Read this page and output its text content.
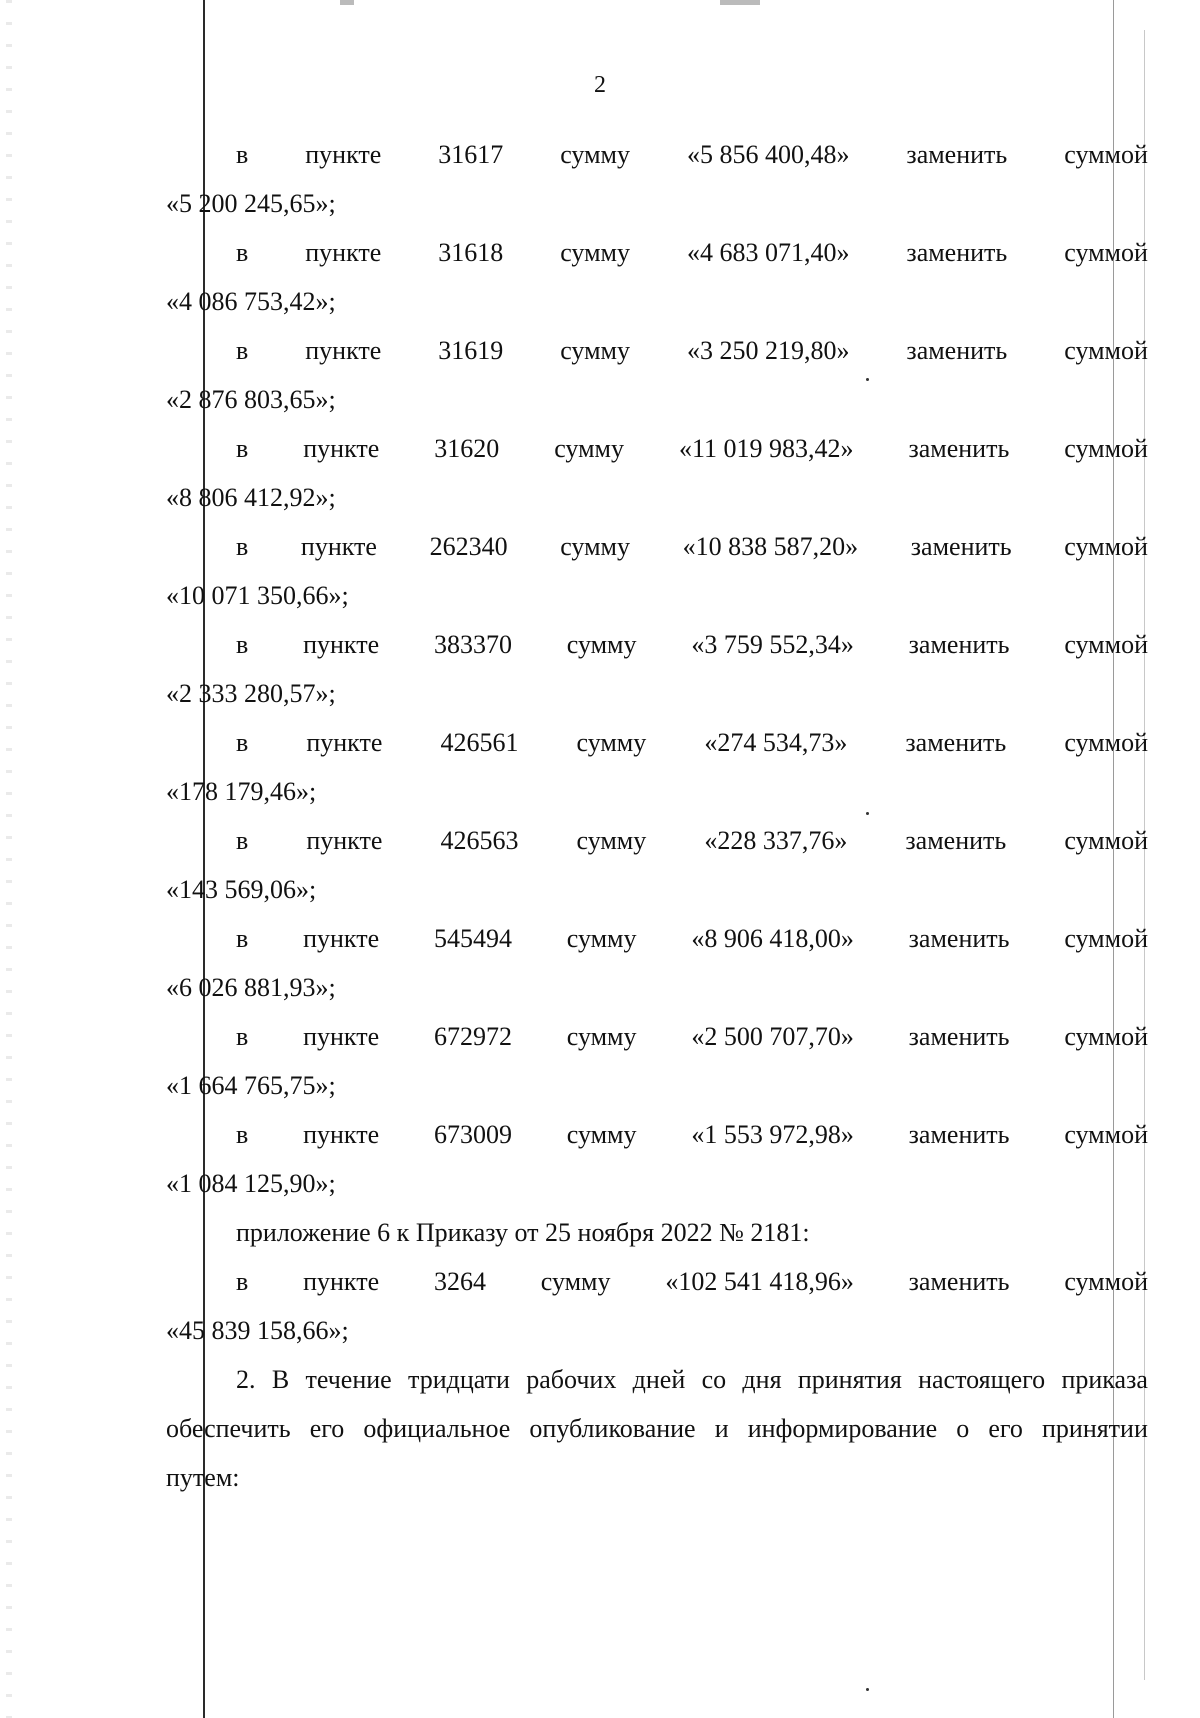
2
в пункте 31617 сумму «5 856 400,48» заменить суммой
«5 200 245,65»;
в пункте 31618 сумму «4 683 071,40» заменить суммой
«4 086 753,42»;
в пункте 31619 сумму «3 250 219,80» заменить суммой
«2 876 803,65»;
в пункте 31620 сумму «11 019 983,42» заменить суммой
«8 806 412,92»;
в пункте 262340 сумму «10 838 587,20» заменить суммой
«10 071 350,66»;
в пункте 383370 сумму «3 759 552,34» заменить суммой
«2 333 280,57»;
в пункте 426561 сумму «274 534,73» заменить суммой
«178 179,46»;
в пункте 426563 сумму «228 337,76» заменить суммой
«143 569,06»;
в пункте 545494 сумму «8 906 418,00» заменить суммой
«6 026 881,93»;
в пункте 672972 сумму «2 500 707,70» заменить суммой
«1 664 765,75»;
в пункте 673009 сумму «1 553 972,98» заменить суммой
«1 084 125,90»;
приложение 6 к Приказу от 25 ноября 2022 № 2181:
в пункте 3264 сумму «102 541 418,96» заменить суммой
«45 839 158,66»;
2. В течение тридцати рабочих дней со дня принятия настоящего приказа
обеспечить его официальное опубликование и информирование о его принятии
путем:
